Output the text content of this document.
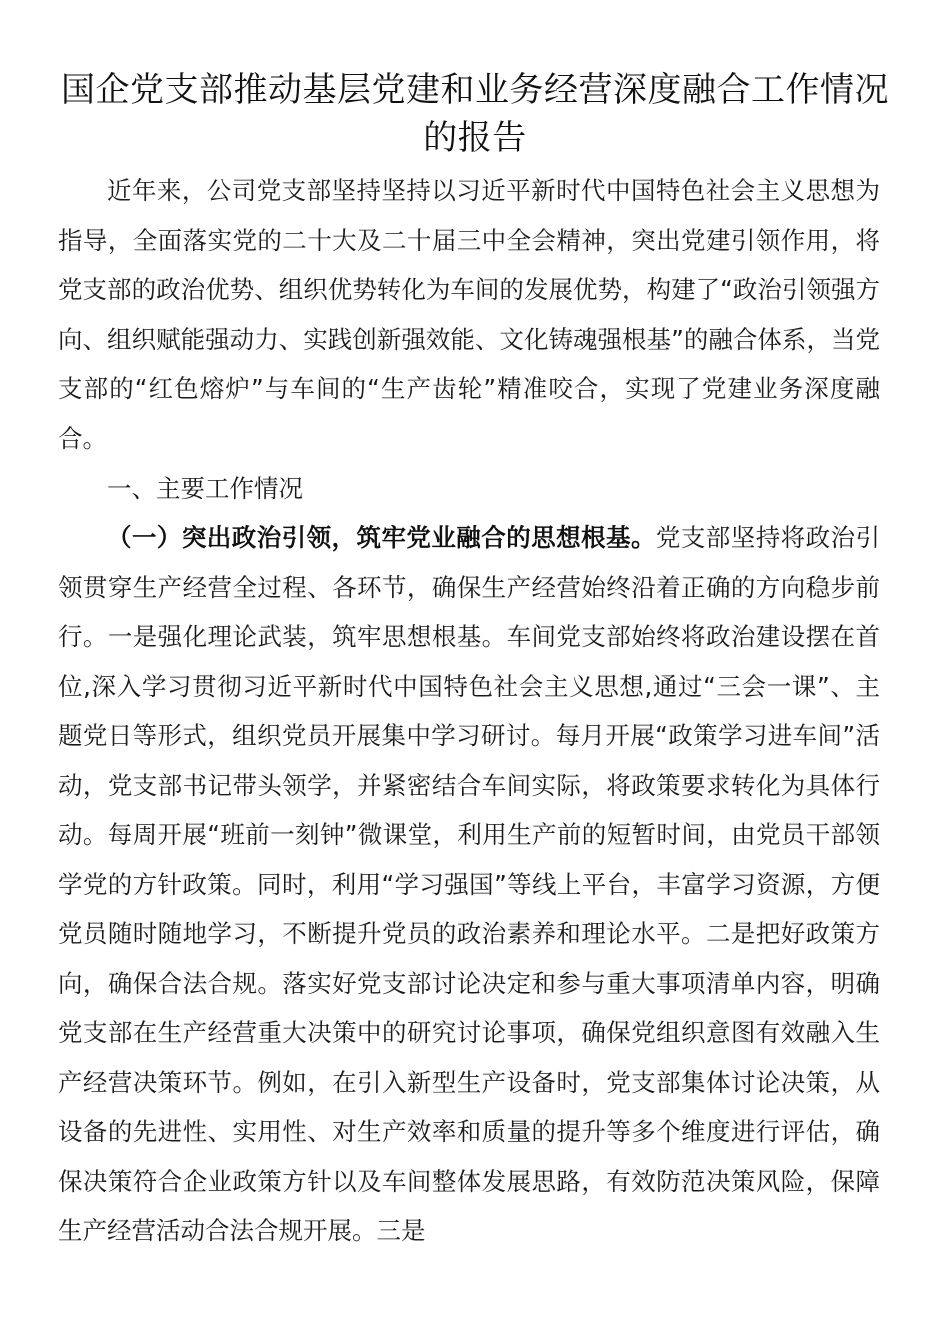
国企党支部推动基层党建和业务经营深度融合工作情况的报告

近年来，公司党支部坚持坚持以习近平新时代中国特色社会主义思想为指导，全面落实党的二十大及二十届三中全会精神，突出党建引领作用，将党支部的政治优势、组织优势转化为车间的发展优势，构建了“政治引领强方向、组织赋能强动力、实践创新强效能、文化铸魂强根基”的融合体系，当党支部的“红色熔炉”与车间的“生产齿轮”精准咬合，实现了党建业务深度融合。

一、主要工作情况

（一）突出政治引领，筑牢党业融合的思想根基。党支部坚持将政治引领贯穿生产经营全过程、各环节，确保生产经营始终沿着正确的方向稳步前行。一是强化理论武装，筑牢思想根基。车间党支部始终将政治建设摆在首位,深入学习贯彻习近平新时代中国特色社会主义思想,通过“三会一课”、主题党日等形式，组织党员开展集中学习研讨。每月开展“政策学习进车间”活动，党支部书记带头领学，并紧密结合车间实际，将政策要求转化为具体行动。每周开展“班前一刻钟”微课堂，利用生产前的短暂时间，由党员干部领学党的方针政策。同时，利用“学习强国”等线上平台，丰富学习资源，方便党员随时随地学习，不断提升党员的政治素养和理论水平。二是把好政策方向，确保合法合规。落实好党支部讨论决定和参与重大事项清单内容，明确党支部在生产经营重大决策中的研究讨论事项，确保党组织意图有效融入生产经营决策环节。例如，在引入新型生产设备时，党支部集体讨论决策，从设备的先进性、实用性、对生产效率和质量的提升等多个维度进行评估，确保决策符合企业政策方针以及车间整体发展思路，有效防范决策风险，保障生产经营活动合法合规开展。三是
